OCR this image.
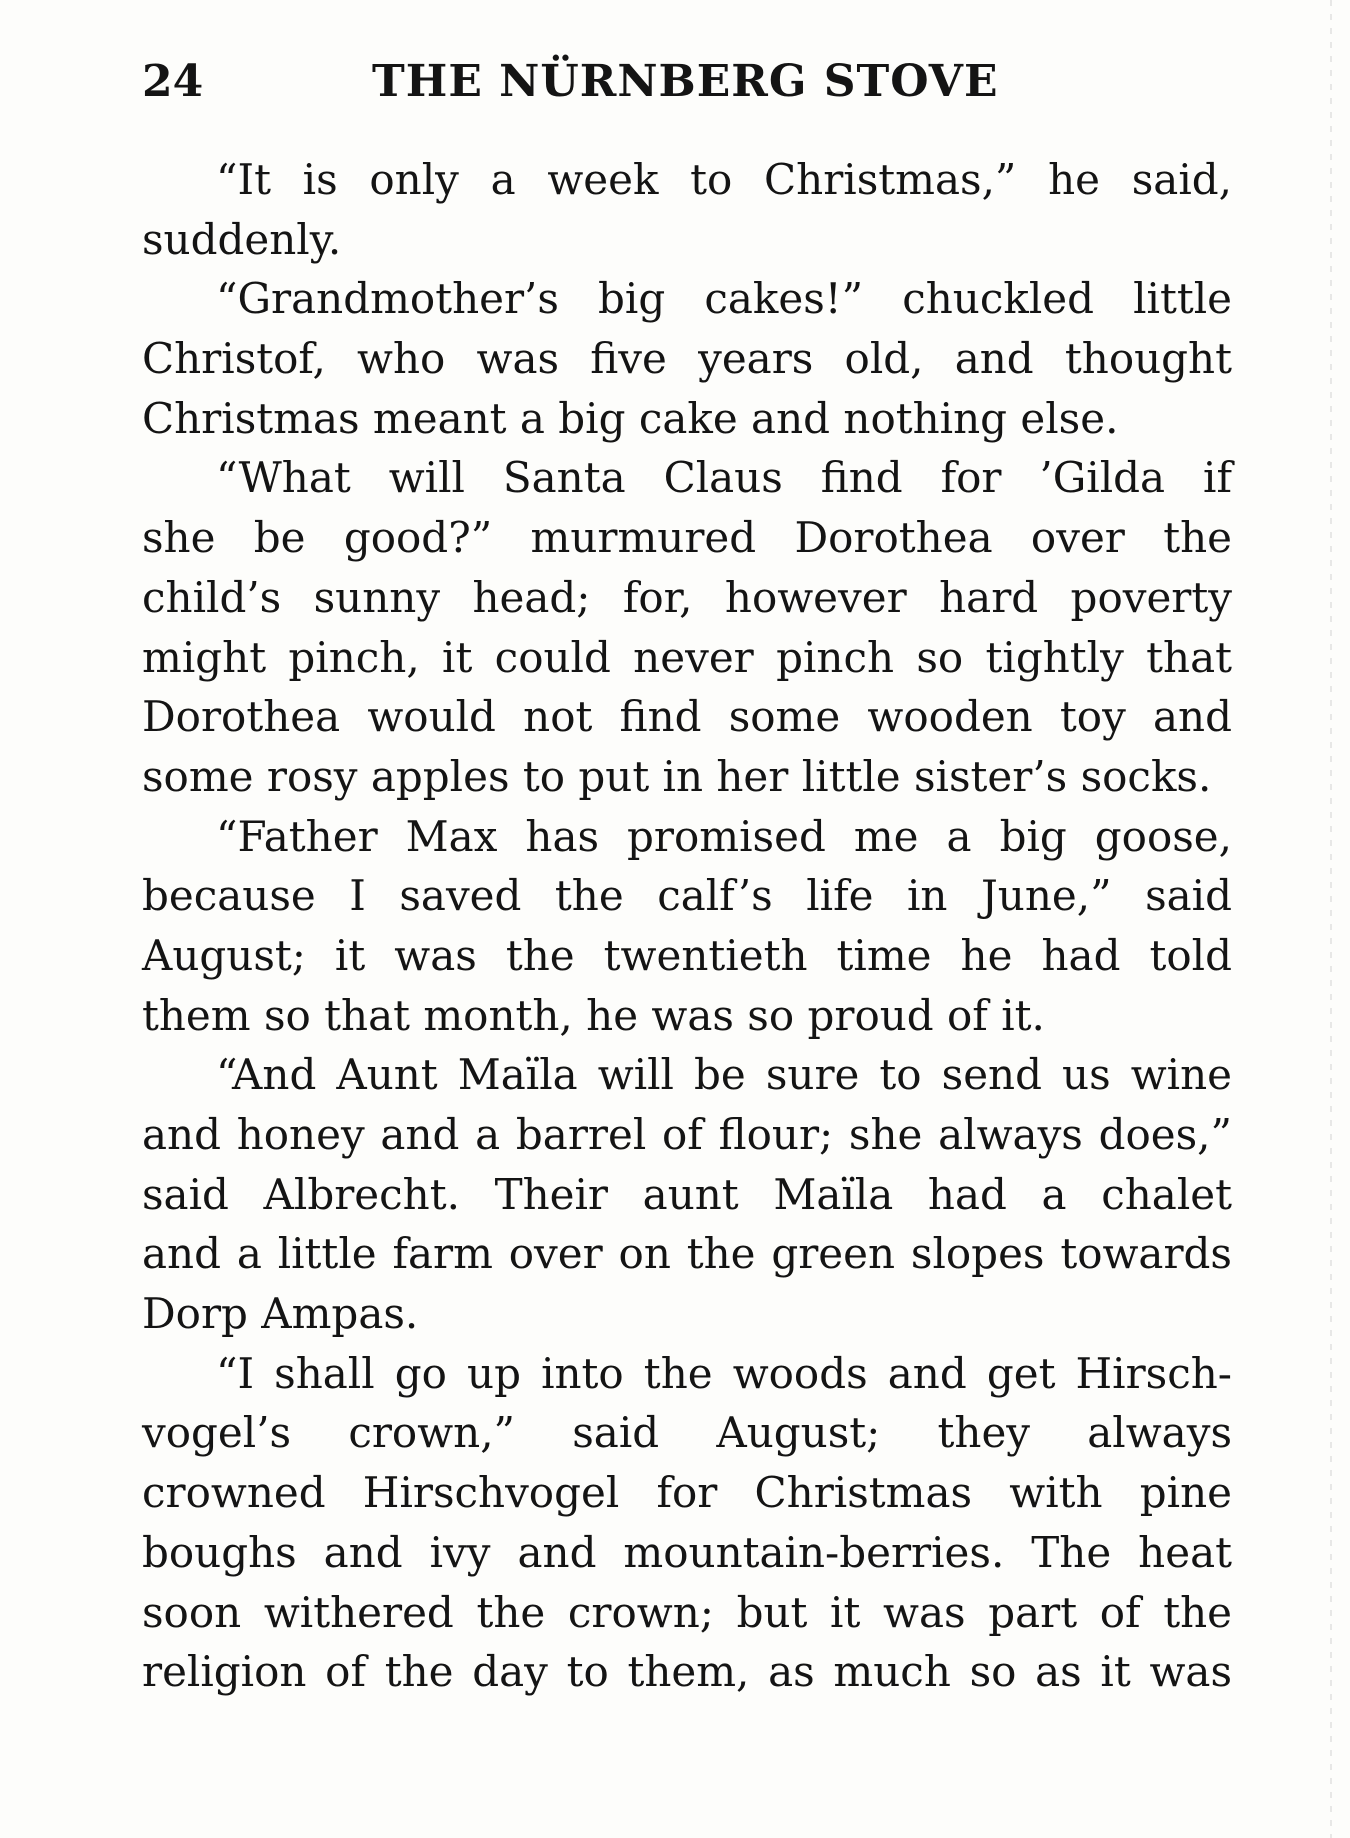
24	THE NÜRNBERG STOVE
“It is only a week to Christmas,” he said,
suddenly.
“Grandmother’s big cakes!” chuckled little
Christof, who was five years old, and thought
Christmas meant a big cake and nothing else.
“What will Santa Claus find for ’Gilda if
she be good?” murmured Dorothea over the
child’s sunny head; for, however hard poverty
might pinch, it could never pinch so tightly that
Dorothea would not find some wooden toy and
some rosy apples to put in her little sister’s socks.
“Father Max has promised me a big goose,
because I saved the calf’s life in June,” said
August; it was the twentieth time he had told
them so that month, he was so proud of it.
“And Aunt Maïla will be sure to send us wine
and honey and a barrel of flour; she always does,”
said Albrecht. Their aunt Maïla had a chalet
and a little farm over on the green slopes towards
Dorp Ampas.
“I shall go up into the woods and get Hirsch-
vogel’s crown,” said August; they always
crowned Hirschvogel for Christmas with pine
boughs and ivy and mountain-berries. The heat
soon withered the crown; but it was part of the
religion of the day to them, as much so as it was
